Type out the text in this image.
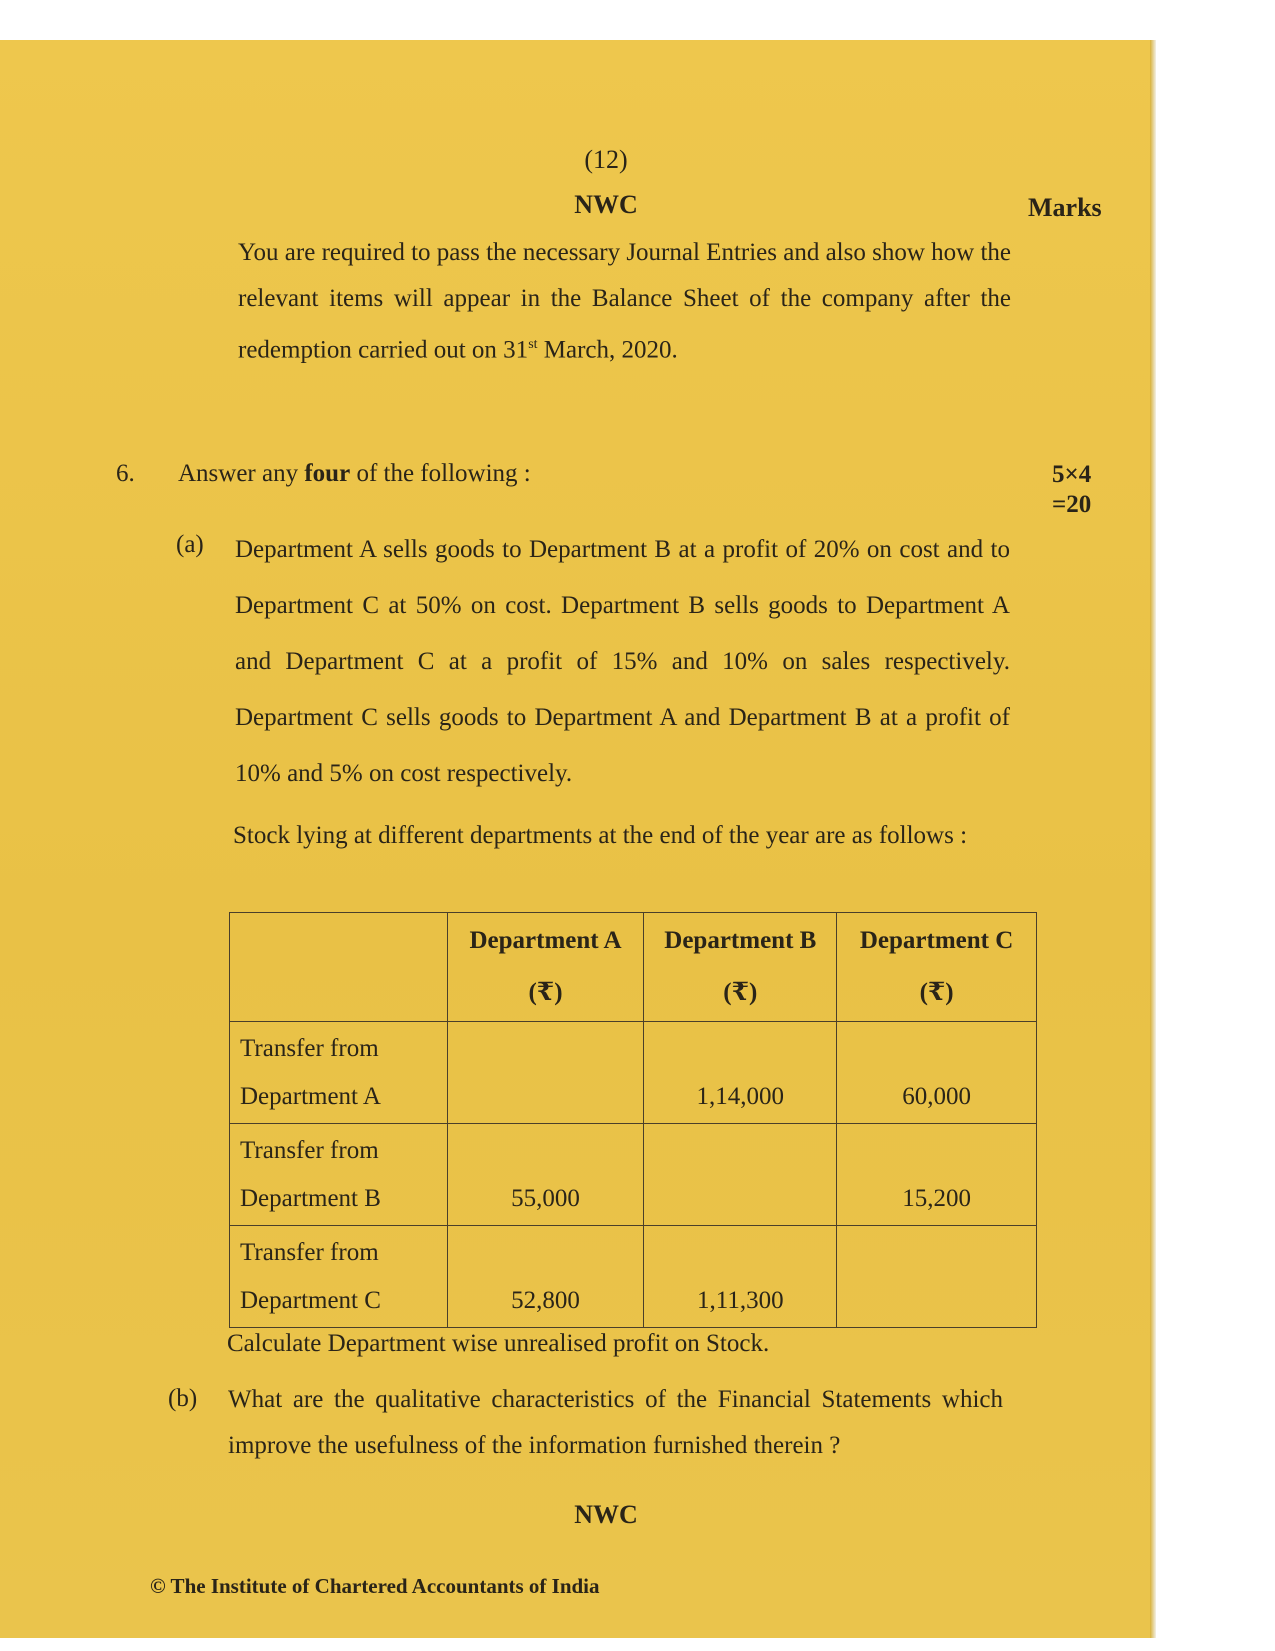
(12)
NWC	Marks
You are required to pass the necessary Journal Entries and also show how the relevant items will appear in the Balance Sheet of the company after the redemption carried out on 31st March, 2020.
6. Answer any four of the following :	5×4
=20
(a) Department A sells goods to Department B at a profit of 20% on cost and to Department C at 50% on cost. Department B sells goods to Department A and Department C at a profit of 15% and 10% on sales respectively. Department C sells goods to Department A and Department B at a profit of 10% and 5% on cost respectively.
Stock lying at different departments at the end of the year are as follows :

	Department A
(₹)	Department B
(₹)	Department C
(₹)

Transfer from
Department A		1,14,000	60,000

Transfer from
Department B	55,000		15,200

Transfer from
Department C	52,800	1,11,300	
Calculate Department wise unrealised profit on Stock.
(b) What are the qualitative characteristics of the Financial Statements which improve the usefulness of the information furnished therein ?
NWC
© The Institute of Chartered Accountants of India
